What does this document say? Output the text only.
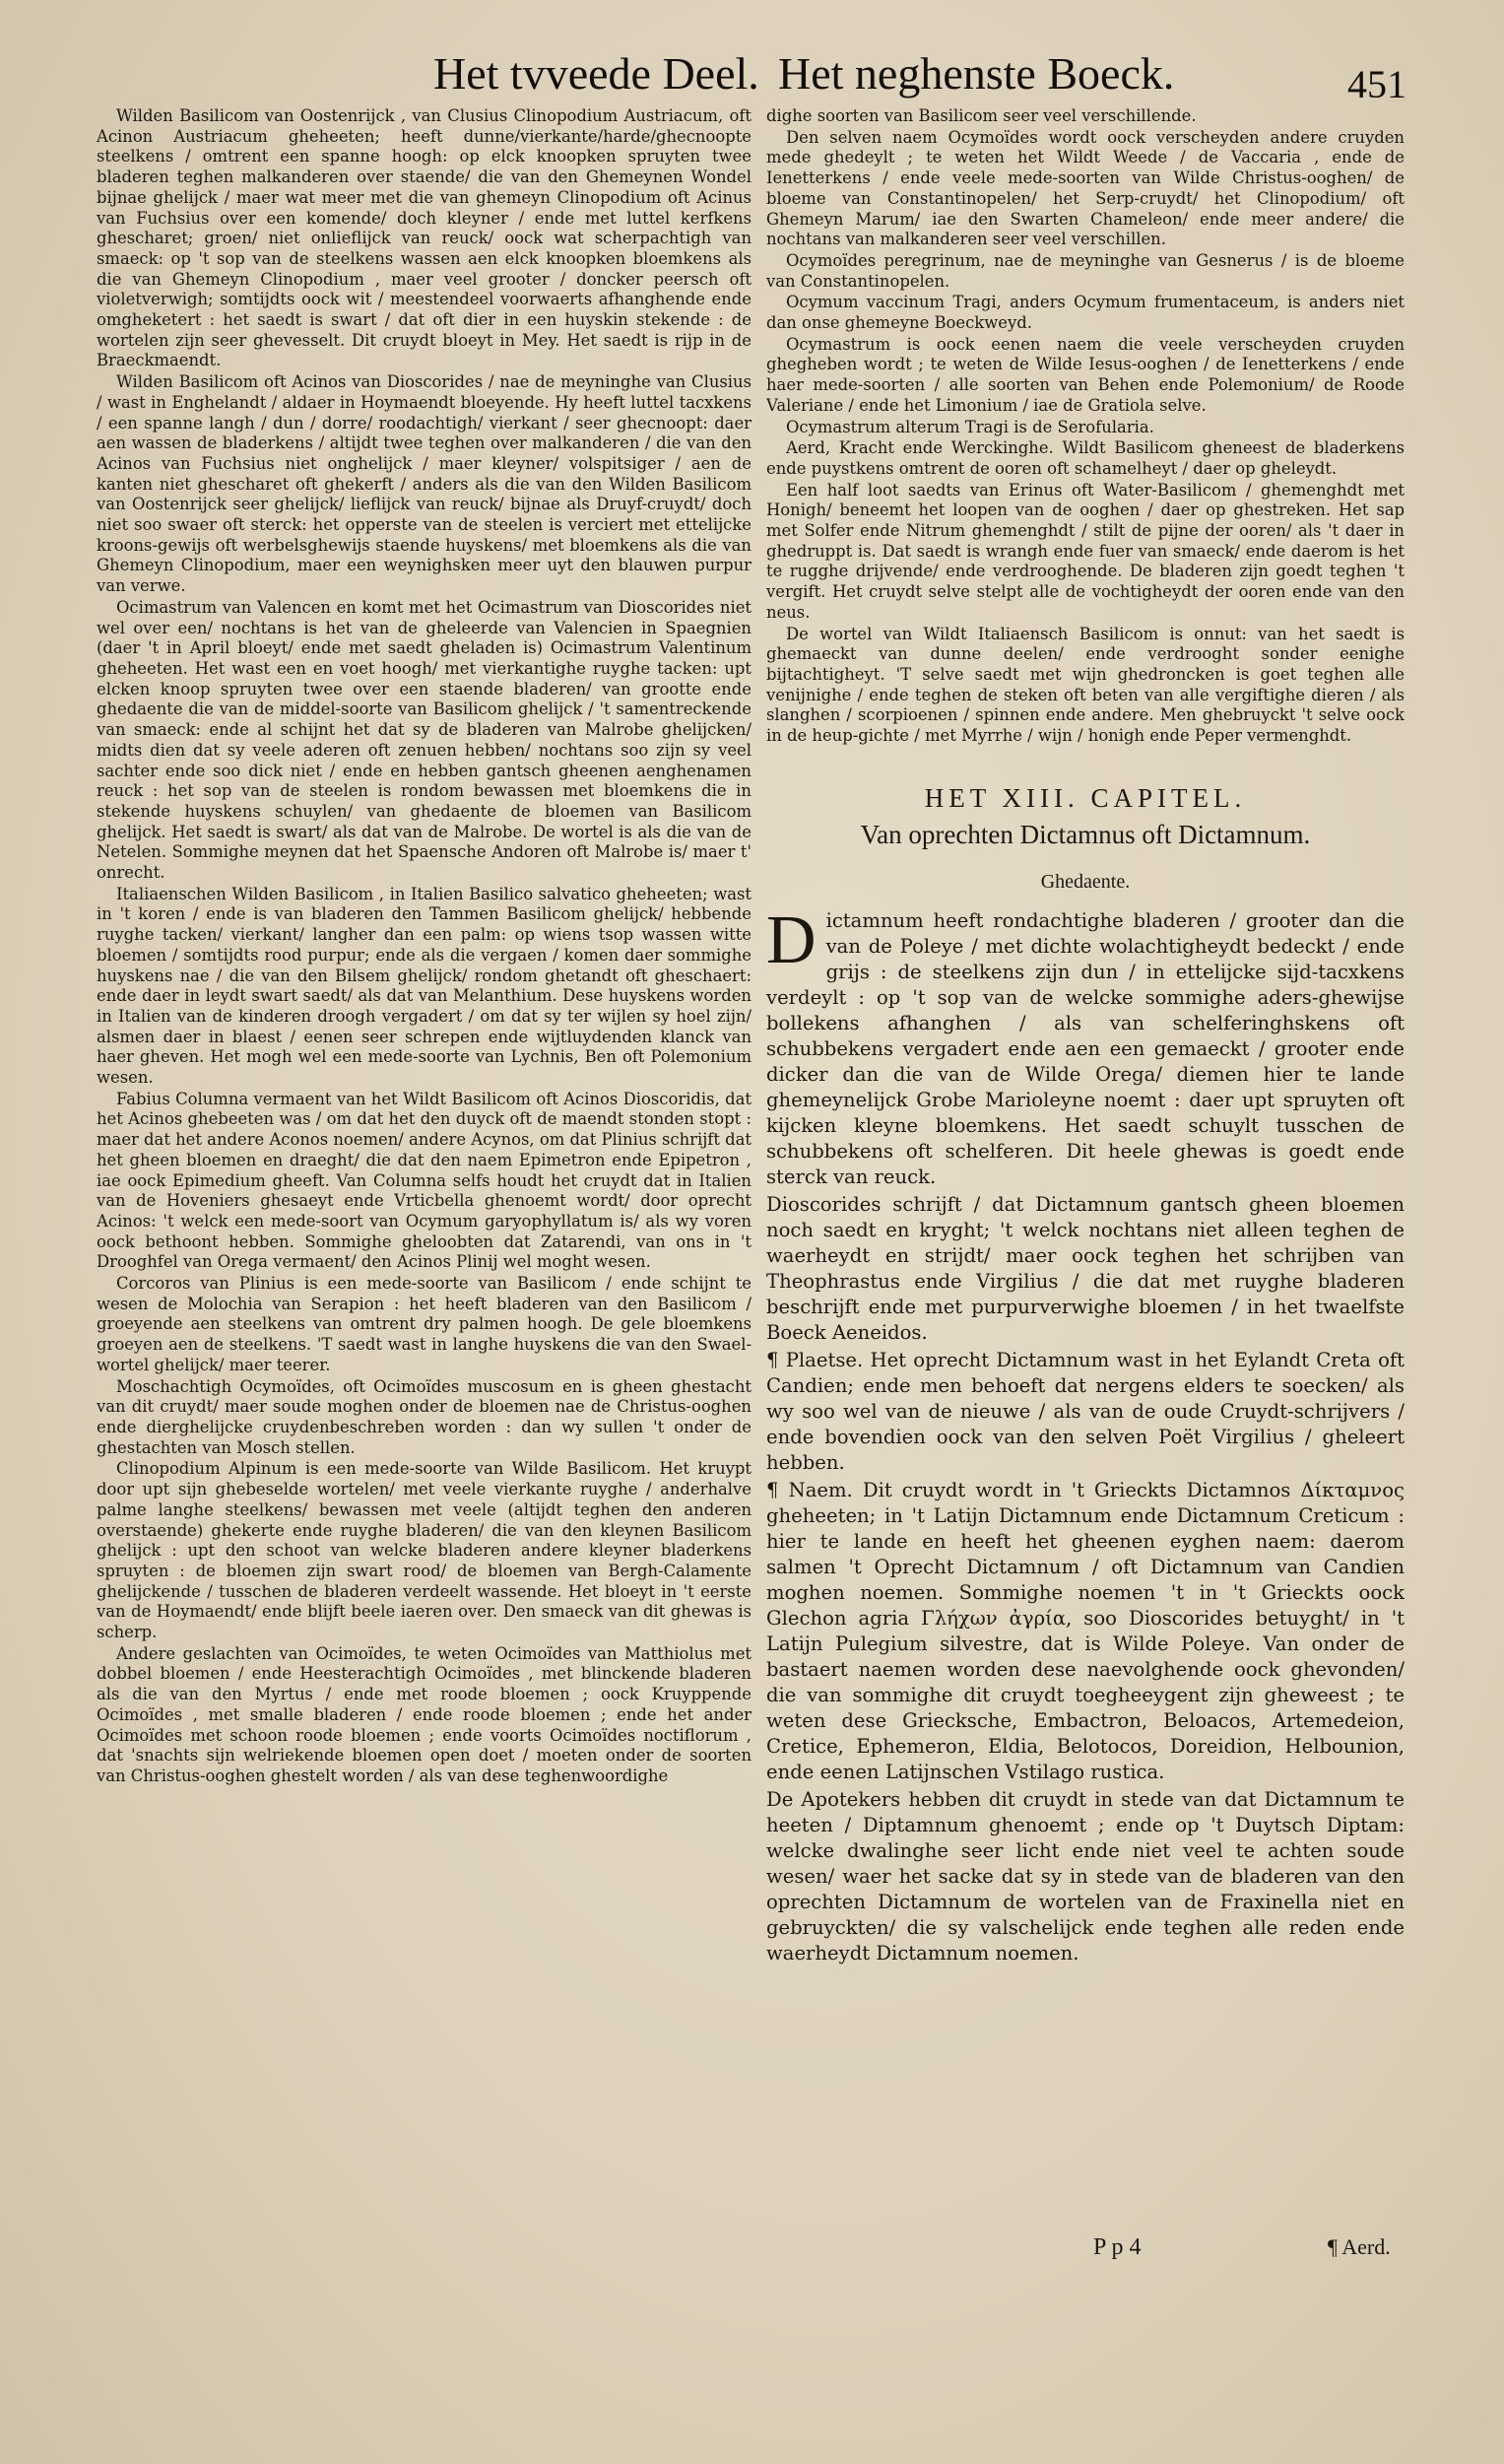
Het tvveede Deel. Het neghenste Boeck.	451

Wilden Basilicom van Oostenrijck , van Clusius Clinopodium Austriacum, oft Acinon Austriacum gheheeten; heeft dunne/vierkante/harde/ghecnoopte steelkens / omtrent een spanne hoogh: op elck knoopken spruyten twee bladeren teghen malkanderen over staende/ die van den Ghemeynen Wondel bijnae ghelijck / maer wat meer met die van ghemeyn Clinopodium oft Acinus van Fuchsius over een komende/ doch kleyner / ende met luttel kerfkens ghescharet; groen/ niet onlieflijck van reuck/ oock wat scherpachtigh van smaeck: op 't sop van de steelkens wassen aen elck knoopken bloemkens als die van Ghemeyn Clinopodium , maer veel grooter / doncker peersch oft violetverwigh; somtijdts oock wit / meestendeel voorwaerts afhanghende ende omgheketert : het saedt is swart / dat oft dier in een huyskin stekende : de wortelen zijn seer ghevesselt. Dit cruydt bloeyt in Mey. Het saedt is rijp in de Braeckmaendt.

Wilden Basilicom oft Acinos van Dioscorides / nae de meyninghe van Clusius / wast in Enghelandt / aldaer in Hoymaendt bloeyende. Hy heeft luttel tacxkens / een spanne langh / dun / dorre/ roodachtigh/ vierkant / seer ghecnoopt: daer aen wassen de bladerkens / altijdt twee teghen over malkanderen / die van den Acinos van Fuchsius niet onghelijck / maer kleyner/ volspitsiger / aen de kanten niet ghescharet oft ghekerft / anders als die van den Wilden Basilicom van Oostenrijck seer ghelijck/ lieflijck van reuck/ bijnae als Druyf-cruydt/ doch niet soo swaer oft sterck: het opperste van de steelen is verciert met ettelijcke kroons-gewijs oft werbelsghewijs staende huyskens/ met bloemkens als die van Ghemeyn Clinopodium, maer een weynighsken meer uyt den blauwen purpur van verwe.

Ocimastrum van Valencen en komt met het Ocimastrum van Dioscorides niet wel over een/ nochtans is het van de gheleerde van Valencien in Spaegnien (daer 't in April bloeyt/ ende met saedt gheladen is) Ocimastrum Valentinum gheheeten. Het wast een en voet hoogh/ met vierkantighe ruyghe tacken: upt elcken knoop spruyten twee over een staende bladeren/ van grootte ende ghedaente die van de middel-soorte van Basilicom ghelijck / 't samentreckende van smaeck: ende al schijnt het dat sy de bladeren van Malrobe ghelijcken/ midts dien dat sy veele aderen oft zenuen hebben/ nochtans soo zijn sy veel sachter ende soo dick niet / ende en hebben gantsch gheenen aenghenamen reuck : het sop van de steelen is rondom bewassen met bloemkens die in stekende huyskens schuylen/ van ghedaente de bloemen van Basilicom ghelijck. Het saedt is swart/ als dat van de Malrobe. De wortel is als die van de Netelen. Sommighe meynen dat het Spaensche Andoren oft Malrobe is/ maer t' onrecht.

Italiaenschen Wilden Basilicom , in Italien Basilico salvatico gheheeten; wast in 't koren / ende is van bladeren den Tammen Basilicom ghelijck/ hebbende ruyghe tacken/ vierkant/ langher dan een palm: op wiens tsop wassen witte bloemen / somtijdts rood purpur; ende als die vergaen / komen daer sommighe huyskens nae / die van den Bilsem ghelijck/ rondom ghetandt oft gheschaert: ende daer in leydt swart saedt/ als dat van Melanthium. Dese huyskens worden in Italien van de kinderen droogh vergadert / om dat sy ter wijlen sy hoel zijn/ alsmen daer in blaest / eenen seer schrepen ende wijtluydenden klanck van haer gheven. Het mogh wel een mede-soorte van Lychnis, Ben oft Polemonium wesen.

Fabius Columna vermaent van het Wildt Basilicom oft Acinos Dioscoridis, dat het Acinos ghebeeten was / om dat het den duyck oft de maendt stonden stopt : maer dat het andere Aconos noemen/ andere Acynos, om dat Plinius schrijft dat het gheen bloemen en draeght/ die dat den naem Epimetron ende Epipetron , iae oock Epimedium gheeft. Van Columna selfs houdt het cruydt dat in Italien van de Hoveniers ghesaeyt ende Vrticbella ghenoemt wordt/ door oprecht Acinos: 't welck een mede-soort van Ocymum garyophyllatum is/ als wy voren oock bethoont hebben. Sommighe gheloobten dat Zatarendi, van ons in 't Drooghfel van Orega vermaent/ den Acinos Plinij wel moght wesen.

Corcoros van Plinius is een mede-soorte van Basilicom / ende schijnt te wesen de Molochia van Serapion : het heeft bladeren van den Basilicom / groeyende aen steelkens van omtrent dry palmen hoogh. De gele bloemkens groeyen aen de steelkens. 'T saedt wast in langhe huyskens die van den Swael-wortel ghelijck/ maer teerer.

Moschachtigh Ocymoïdes, oft Ocimoïdes muscosum en is gheen ghestacht van dit cruydt/ maer soude moghen onder de bloemen nae de Christus-ooghen ende dierghelijcke cruydenbeschreben worden : dan wy sullen 't onder de ghestachten van Mosch stellen.

Clinopodium Alpinum is een mede-soorte van Wilde Basilicom. Het kruypt door upt sijn ghebeselde wortelen/ met veele vierkante ruyghe / anderhalve palme langhe steelkens/ bewassen met veele (altijdt teghen den anderen overstaende) ghekerte ende ruyghe bladeren/ die van den kleynen Basilicom ghelijck : upt den schoot van welcke bladeren andere kleyner bladerkens spruyten : de bloemen zijn swart rood/ de bloemen van Bergh-Calamente ghelijckende / tusschen de bladeren verdeelt wassende. Het bloeyt in 't eerste van de Hoymaendt/ ende blijft beele iaeren over. Den smaeck van dit ghewas is scherp.

Andere geslachten van Ocimoïdes, te weten Ocimoïdes van Matthiolus met dobbel bloemen / ende Heesterachtigh Ocimoïdes , met blinckende bladeren als die van den Myrtus / ende met roode bloemen ; oock Kruyppende Ocimoïdes , met smalle bladeren / ende roode bloemen ; ende het ander Ocimoïdes met schoon roode bloemen ; ende voorts Ocimoïdes noctiflorum , dat 'snachts sijn welriekende bloemen open doet / moeten onder de soorten van Christus-ooghen ghestelt worden / als van dese teghenwoordighe

dighe soorten van Basilicom seer veel verschillende.

Den selven naem Ocymoïdes wordt oock verscheyden andere cruyden mede ghedeylt ; te weten het Wildt Weede / de Vaccaria , ende de Ienetterkens / ende veele mede-soorten van Wilde Christus-ooghen/ de bloeme van Constantinopelen/ het Serp-cruydt/ het Clinopodium/ oft Ghemeyn Marum/ iae den Swarten Chameleon/ ende meer andere/ die nochtans van malkanderen seer veel verschillen.

Ocymoïdes peregrinum, nae de meyninghe van Gesnerus / is de bloeme van Constantinopelen.

Ocymum vaccinum Tragi, anders Ocymum frumentaceum, is anders niet dan onse ghemeyne Boeckweyd.

Ocymastrum is oock eenen naem die veele verscheyden cruyden ghegheben wordt ; te weten de Wilde Iesus-ooghen / de Ienetterkens / ende haer mede-soorten / alle soorten van Behen ende Polemonium/ de Roode Valeriane / ende het Limonium / iae de Gratiola selve.

Ocymastrum alterum Tragi is de Serofularia.

Aerd, Kracht ende Werckinghe. Wildt Basilicom gheneest de bladerkens ende puystkens omtrent de ooren oft schamelheyt / daer op gheleydt.

Een half loot saedts van Erinus oft Water-Basilicom / ghemenghdt met Honigh/ beneemt het loopen van de ooghen / daer op ghestreken. Het sap met Solfer ende Nitrum ghemenghdt / stilt de pijne der ooren/ als 't daer in ghedruppt is. Dat saedt is wrangh ende fuer van smaeck/ ende daerom is het te rugghe drijvende/ ende verdrooghende. De bladeren zijn goedt teghen 't vergift. Het cruydt selve stelpt alle de vochtigheydt der ooren ende van den neus.

De wortel van Wildt Italiaensch Basilicom is onnut: van het saedt is ghemaeckt van dunne deelen/ ende verdrooght sonder eenighe bijtachtigheyt. 'T selve saedt met wijn ghedroncken is goet teghen alle venijnighe / ende teghen de steken oft beten van alle vergiftighe dieren / als slanghen / scorpioenen / spinnen ende andere. Men ghebruyckt 't selve oock in de heup-gichte / met Myrrhe / wijn / honigh ende Peper vermenghdt.

HET XIII. CAPITEL.
Van oprechten Dictamnus oft Dictamnum.
Ghedaente.

Dictamnum heeft rondachtighe bladeren / grooter dan die van de Poleye / met dichte wolachtigheydt bedeckt / ende grijs : de steelkens zijn dun / in ettelijcke sijd-tacxkens verdeylt : op 't sop van de welcke sommighe aders-ghewijse bollekens afhanghen / als van schelferinghskens oft schubbekens vergadert ende aen een gemaeckt / grooter ende dicker dan die van de Wilde Orega/ diemen hier te lande ghemeynelijck Grobe Marioleyne noemt : daer upt spruyten oft kijcken kleyne bloemkens. Het saedt schuylt tusschen de schubbekens oft schelferen. Dit heele ghewas is goedt ende sterck van reuck.

Dioscorides schrijft / dat Dictamnum gantsch gheen bloemen noch saedt en kryght; 't welck nochtans niet alleen teghen de waerheydt en strijdt/ maer oock teghen het schrijben van Theophrastus ende Virgilius / die dat met ruyghe bladeren beschrijft ende met purpurverwighe bloemen / in het twaelfste Boeck Aeneidos.

¶ Plaetse. Het oprecht Dictamnum wast in het Eylandt Creta oft Candien; ende men behoeft dat nergens elders te soecken/ als wy soo wel van de nieuwe / als van de oude Cruydt-schrijvers / ende bovendien oock van den selven Poët Virgilius / gheleert hebben.

¶ Naem. Dit cruydt wordt in 't Grieckts Dictamnos Δίκταμνος gheheeten; in 't Latijn Dictamnum ende Dictamnum Creticum : hier te lande en heeft het gheenen eyghen naem: daerom salmen 't Oprecht Dictamnum / oft Dictamnum van Candien moghen noemen. Sommighe noemen 't in 't Grieckts oock Glechon agria Γλήχων ἀγρία, soo Dioscorides betuyght/ in 't Latijn Pulegium silvestre, dat is Wilde Poleye. Van onder de bastaert naemen worden dese naevolghende oock ghevonden/ die van sommighe dit cruydt toegheeygent zijn gheweest ; te weten dese Griecksche, Embactron, Beloacos, Artemedeion, Cretice, Ephemeron, Eldia, Belotocos, Doreidion, Helbounion, ende eenen Latijnschen Vstilago rustica.

De Apotekers hebben dit cruydt in stede van dat Dictamnum te heeten / Diptamnum ghenoemt ; ende op 't Duytsch Diptam: welcke dwalinghe seer licht ende niet veel te achten soude wesen/ waer het sacke dat sy in stede van de bladeren van den oprechten Dictamnum de wortelen van de Fraxinella niet en gebruyckten/ die sy valschelijck ende teghen alle reden ende waerheydt Dictamnum noemen.

P p 4	¶ Aerd.
